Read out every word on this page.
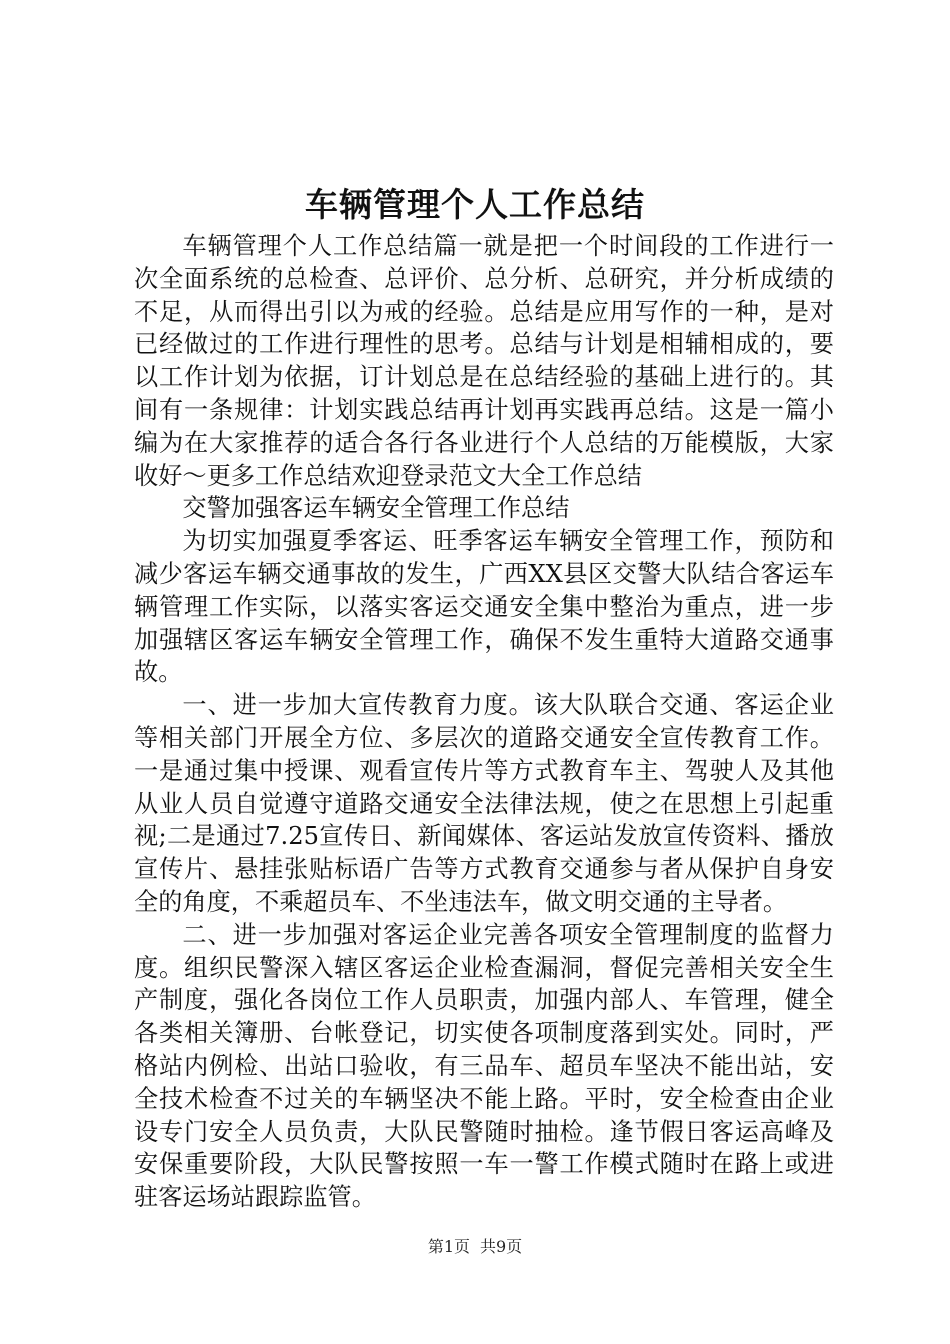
车辆管理个人工作总结

车辆管理个人工作总结篇一就是把一个时间段的工作进行一次全面系统的总检查、总评价、总分析、总研究，并分析成绩的不足，从而得出引以为戒的经验。总结是应用写作的一种，是对已经做过的工作进行理性的思考。总结与计划是相辅相成的，要以工作计划为依据，订计划总是在总结经验的基础上进行的。其间有一条规律：计划实践总结再计划再实践再总结。这是一篇小编为在大家推荐的适合各行各业进行个人总结的万能模版，大家收好～更多工作总结欢迎登录范文大全工作总结

交警加强客运车辆安全管理工作总结

为切实加强夏季客运、旺季客运车辆安全管理工作，预防和减少客运车辆交通事故的发生，广西XX县区交警大队结合客运车辆管理工作实际，以落实客运交通安全集中整治为重点，进一步加强辖区客运车辆安全管理工作，确保不发生重特大道路交通事故。

一、进一步加大宣传教育力度。该大队联合交通、客运企业等相关部门开展全方位、多层次的道路交通安全宣传教育工作。一是通过集中授课、观看宣传片等方式教育车主、驾驶人及其他从业人员自觉遵守道路交通安全法律法规，使之在思想上引起重视;二是通过7.25宣传日、新闻媒体、客运站发放宣传资料、播放宣传片、悬挂张贴标语广告等方式教育交通参与者从保护自身安全的角度，不乘超员车、不坐违法车，做文明交通的主导者。

二、进一步加强对客运企业完善各项安全管理制度的监督力度。组织民警深入辖区客运企业检查漏洞，督促完善相关安全生产制度，强化各岗位工作人员职责，加强内部人、车管理，健全各类相关簿册、台帐登记，切实使各项制度落到实处。同时，严格站内例检、出站口验收，有三品车、超员车坚决不能出站，安全技术检查不过关的车辆坚决不能上路。平时，安全检查由企业设专门安全人员负责，大队民警随时抽检。逢节假日客运高峰及安保重要阶段，大队民警按照一车一警工作模式随时在路上或进驻客运场站跟踪监管。

第1页 共9页
